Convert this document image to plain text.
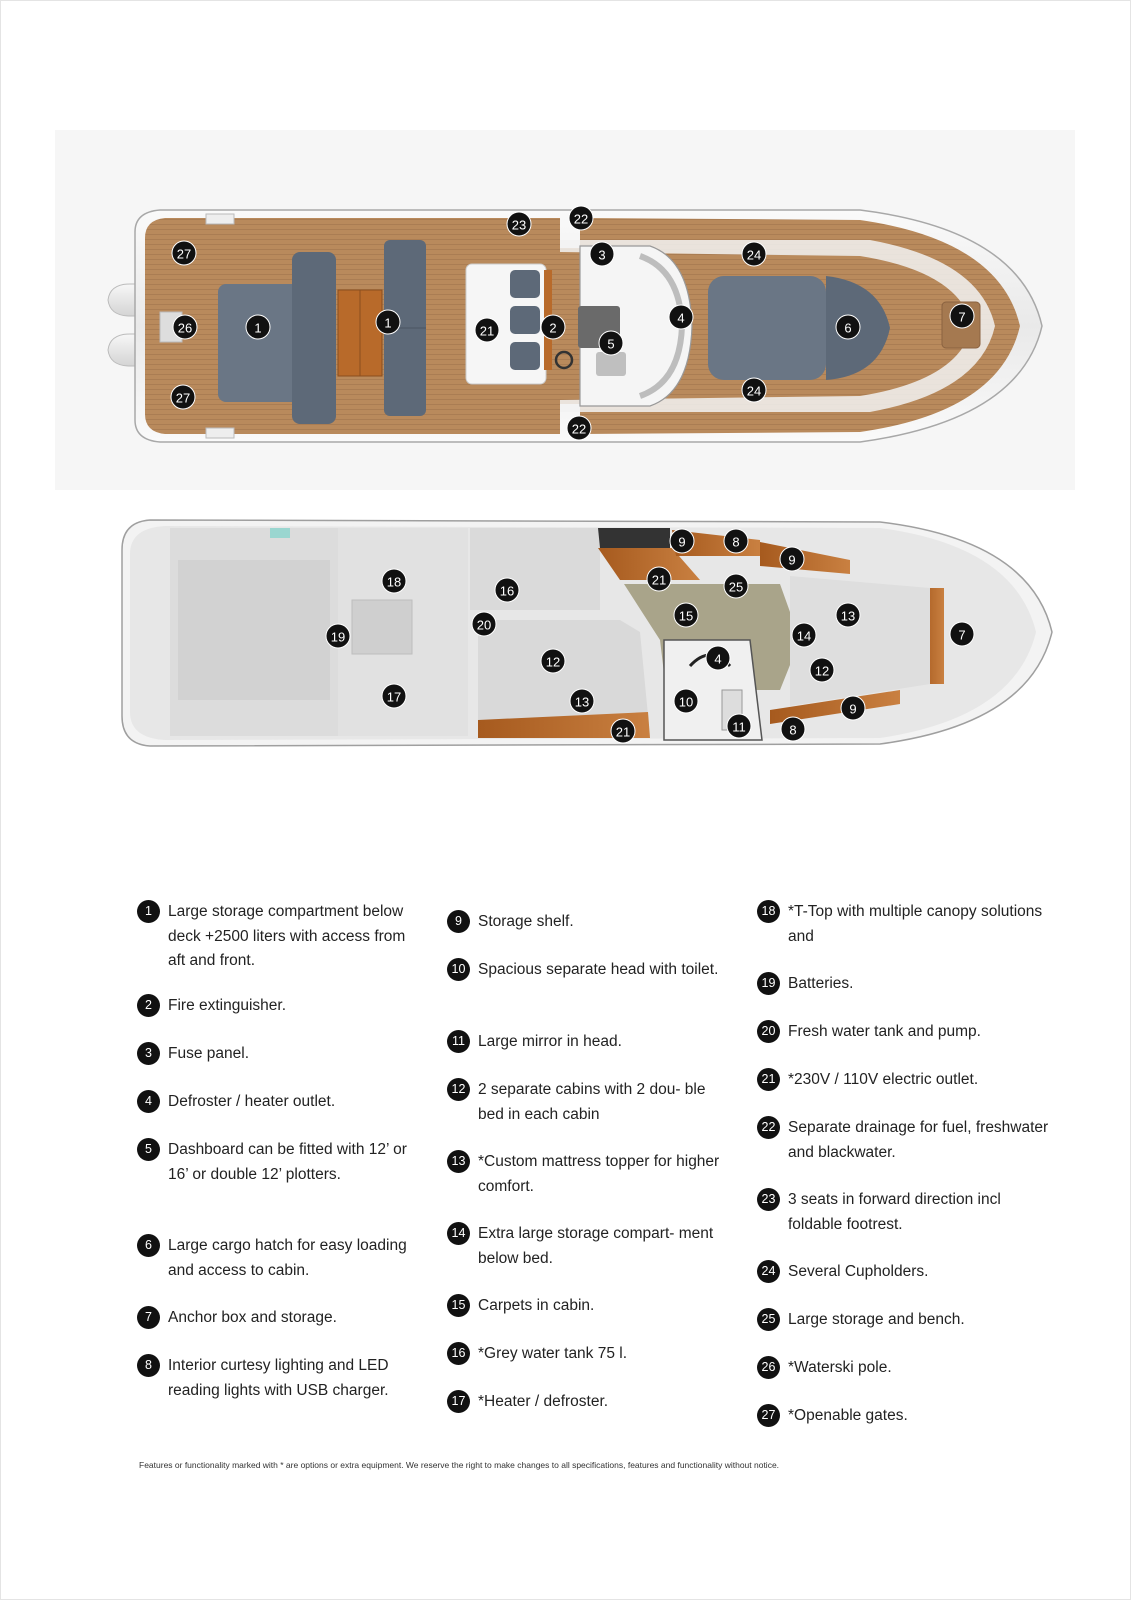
1	1	2
3
4
5
6
7
21
22
22
23
24
24
26
27
27
4
7
8
8
9
9
9
10
11
12
12
13
13
14
15
16
17
18
19
20
21
21
25
1	Large storage compartment below deck +2500 liters with access from aft and front.
2	Fire extinguisher.
3	Fuse panel.
4	Defroster / heater outlet.
5	Dashboard can be fitted with 12’ or 16’ or double 12’ plotters.
6	Large cargo hatch for easy loading and access to cabin.
7	Anchor box and storage.
8	Interior curtesy lighting and LED reading lights with USB charger.
9	Storage shelf.
10 Spacious separate head with toilet.
11 Large mirror in head.
12 2 separate cabins with 2 dou- ble bed in each cabin
13 *Custom mattress topper for higher comfort.
14 Extra large storage compart- ment below bed.
15 Carpets in cabin.
16 *Grey water tank 75 l.
17 *Heater / defroster.
18 *T-Top with multiple canopy solutions and
19 Batteries.
20 Fresh water tank and pump.
21 *230V / 110V electric outlet.
22 Separate drainage for fuel, freshwater and blackwater.
23 3 seats in forward direction incl foldable footrest.
24 Several Cupholders.
25 Large storage and bench.
26 *Waterski pole.
27 *Openable gates.
Features or functionality marked with * are options or extra equipment. We reserve the right to make changes to all specifications, features and functionality without notice.
